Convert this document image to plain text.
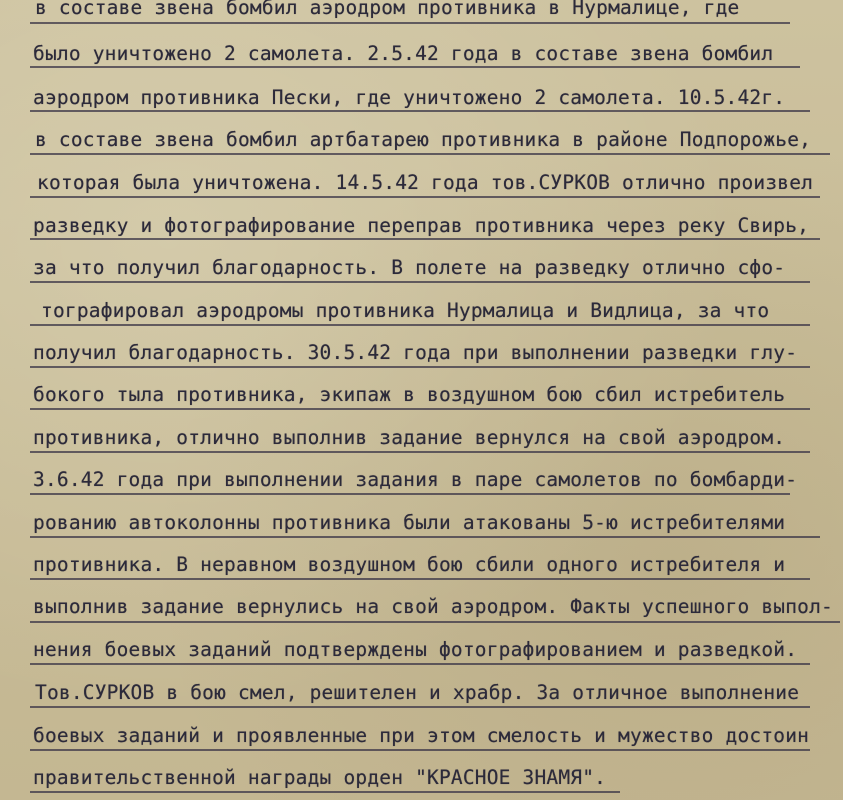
в составе звена бомбил аэродром противника в Нурмалице, где
было уничтожено 2 самолета. 2.5.42 года в составе звена бомбил
аэродром противника Пески, где уничтожено 2 самолета. 10.5.42г.
в составе звена бомбил артбатарею противника в районе Подпорожье,
которая была уничтожена. 14.5.42 года тов.СУРКОВ отлично произвел
разведку и фотографирование переправ противника через реку Свирь,
за что получил благодарность. В полете на разведку отлично сфо-
тографировал аэродромы противника Нурмалица и Видлица, за что
получил благодарность. 30.5.42 года при выполнении разведки глу-
бокого тыла противника, экипаж в воздушном бою сбил истребитель
противника, отлично выполнив задание вернулся на свой аэродром.
3.6.42 года при выполнении задания в паре самолетов по бомбарди-
рованию автоколонны противника были атакованы 5-ю истребителями
противника. В неравном воздушном бою сбили одного истребителя и
выполнив задание вернулись на свой аэродром. Факты успешного выпол-
нения боевых заданий подтверждены фотографированием и разведкой.
Тов.СУРКОВ в бою смел, решителен и храбр. За отличное выполнение
боевых заданий и проявленные при этом смелость и мужество достоин
правительственной награды орден "КРАСНОЕ ЗНАМЯ".
